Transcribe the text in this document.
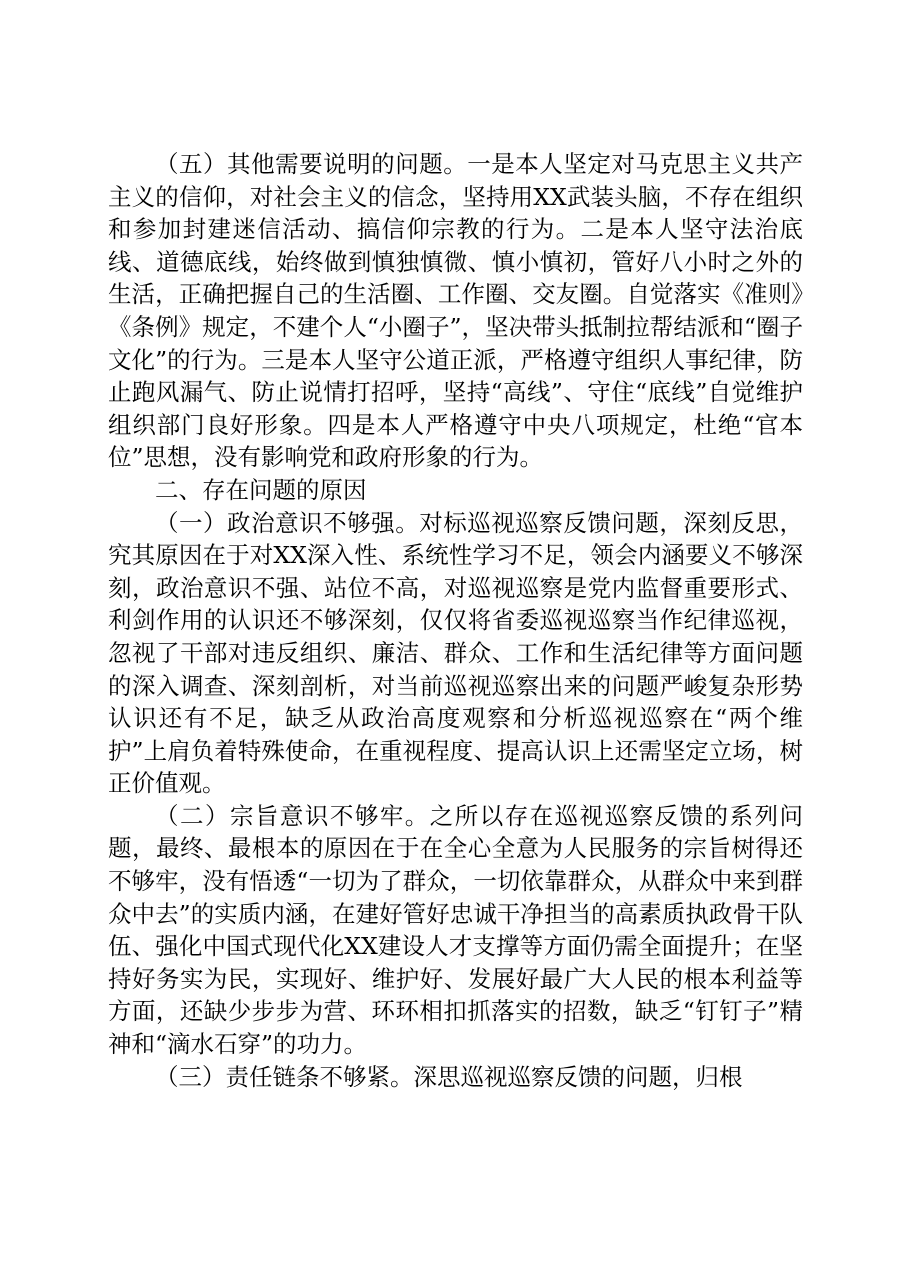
（五）其他需要说明的问题。一是本人坚定对马克思主义共产主义的信仰，对社会主义的信念，坚持用XX武装头脑，不存在组织和参加封建迷信活动、搞信仰宗教的行为。二是本人坚守法治底线、道德底线，始终做到慎独慎微、慎小慎初，管好八小时之外的生活，正确把握自己的生活圈、工作圈、交友圈。自觉落实《准则》《条例》规定，不建个人“小圈子”，坚决带头抵制拉帮结派和“圈子文化”的行为。三是本人坚守公道正派，严格遵守组织人事纪律，防止跑风漏气、防止说情打招呼，坚持“高线”、守住“底线”自觉维护组织部门良好形象。四是本人严格遵守中央八项规定，杜绝“官本位”思想，没有影响党和政府形象的行为。

二、存在问题的原因

（一）政治意识不够强。对标巡视巡察反馈问题，深刻反思，究其原因在于对XX深入性、系统性学习不足，领会内涵要义不够深刻，政治意识不强、站位不高，对巡视巡察是党内监督重要形式、利剑作用的认识还不够深刻，仅仅将省委巡视巡察当作纪律巡视，忽视了干部对违反组织、廉洁、群众、工作和生活纪律等方面问题的深入调查、深刻剖析，对当前巡视巡察出来的问题严峻复杂形势认识还有不足，缺乏从政治高度观察和分析巡视巡察在“两个维护”上肩负着特殊使命，在重视程度、提高认识上还需坚定立场，树正价值观。

（二）宗旨意识不够牢。之所以存在巡视巡察反馈的系列问题，最终、最根本的原因在于在全心全意为人民服务的宗旨树得还不够牢，没有悟透“一切为了群众，一切依靠群众，从群众中来到群众中去”的实质内涵，在建好管好忠诚干净担当的高素质执政骨干队伍、强化中国式现代化XX建设人才支撑等方面仍需全面提升；在坚持好务实为民，实现好、维护好、发展好最广大人民的根本利益等方面，还缺少步步为营、环环相扣抓落实的招数，缺乏“钉钉子”精神和“滴水石穿”的功力。

（三）责任链条不够紧。深思巡视巡察反馈的问题，归根
